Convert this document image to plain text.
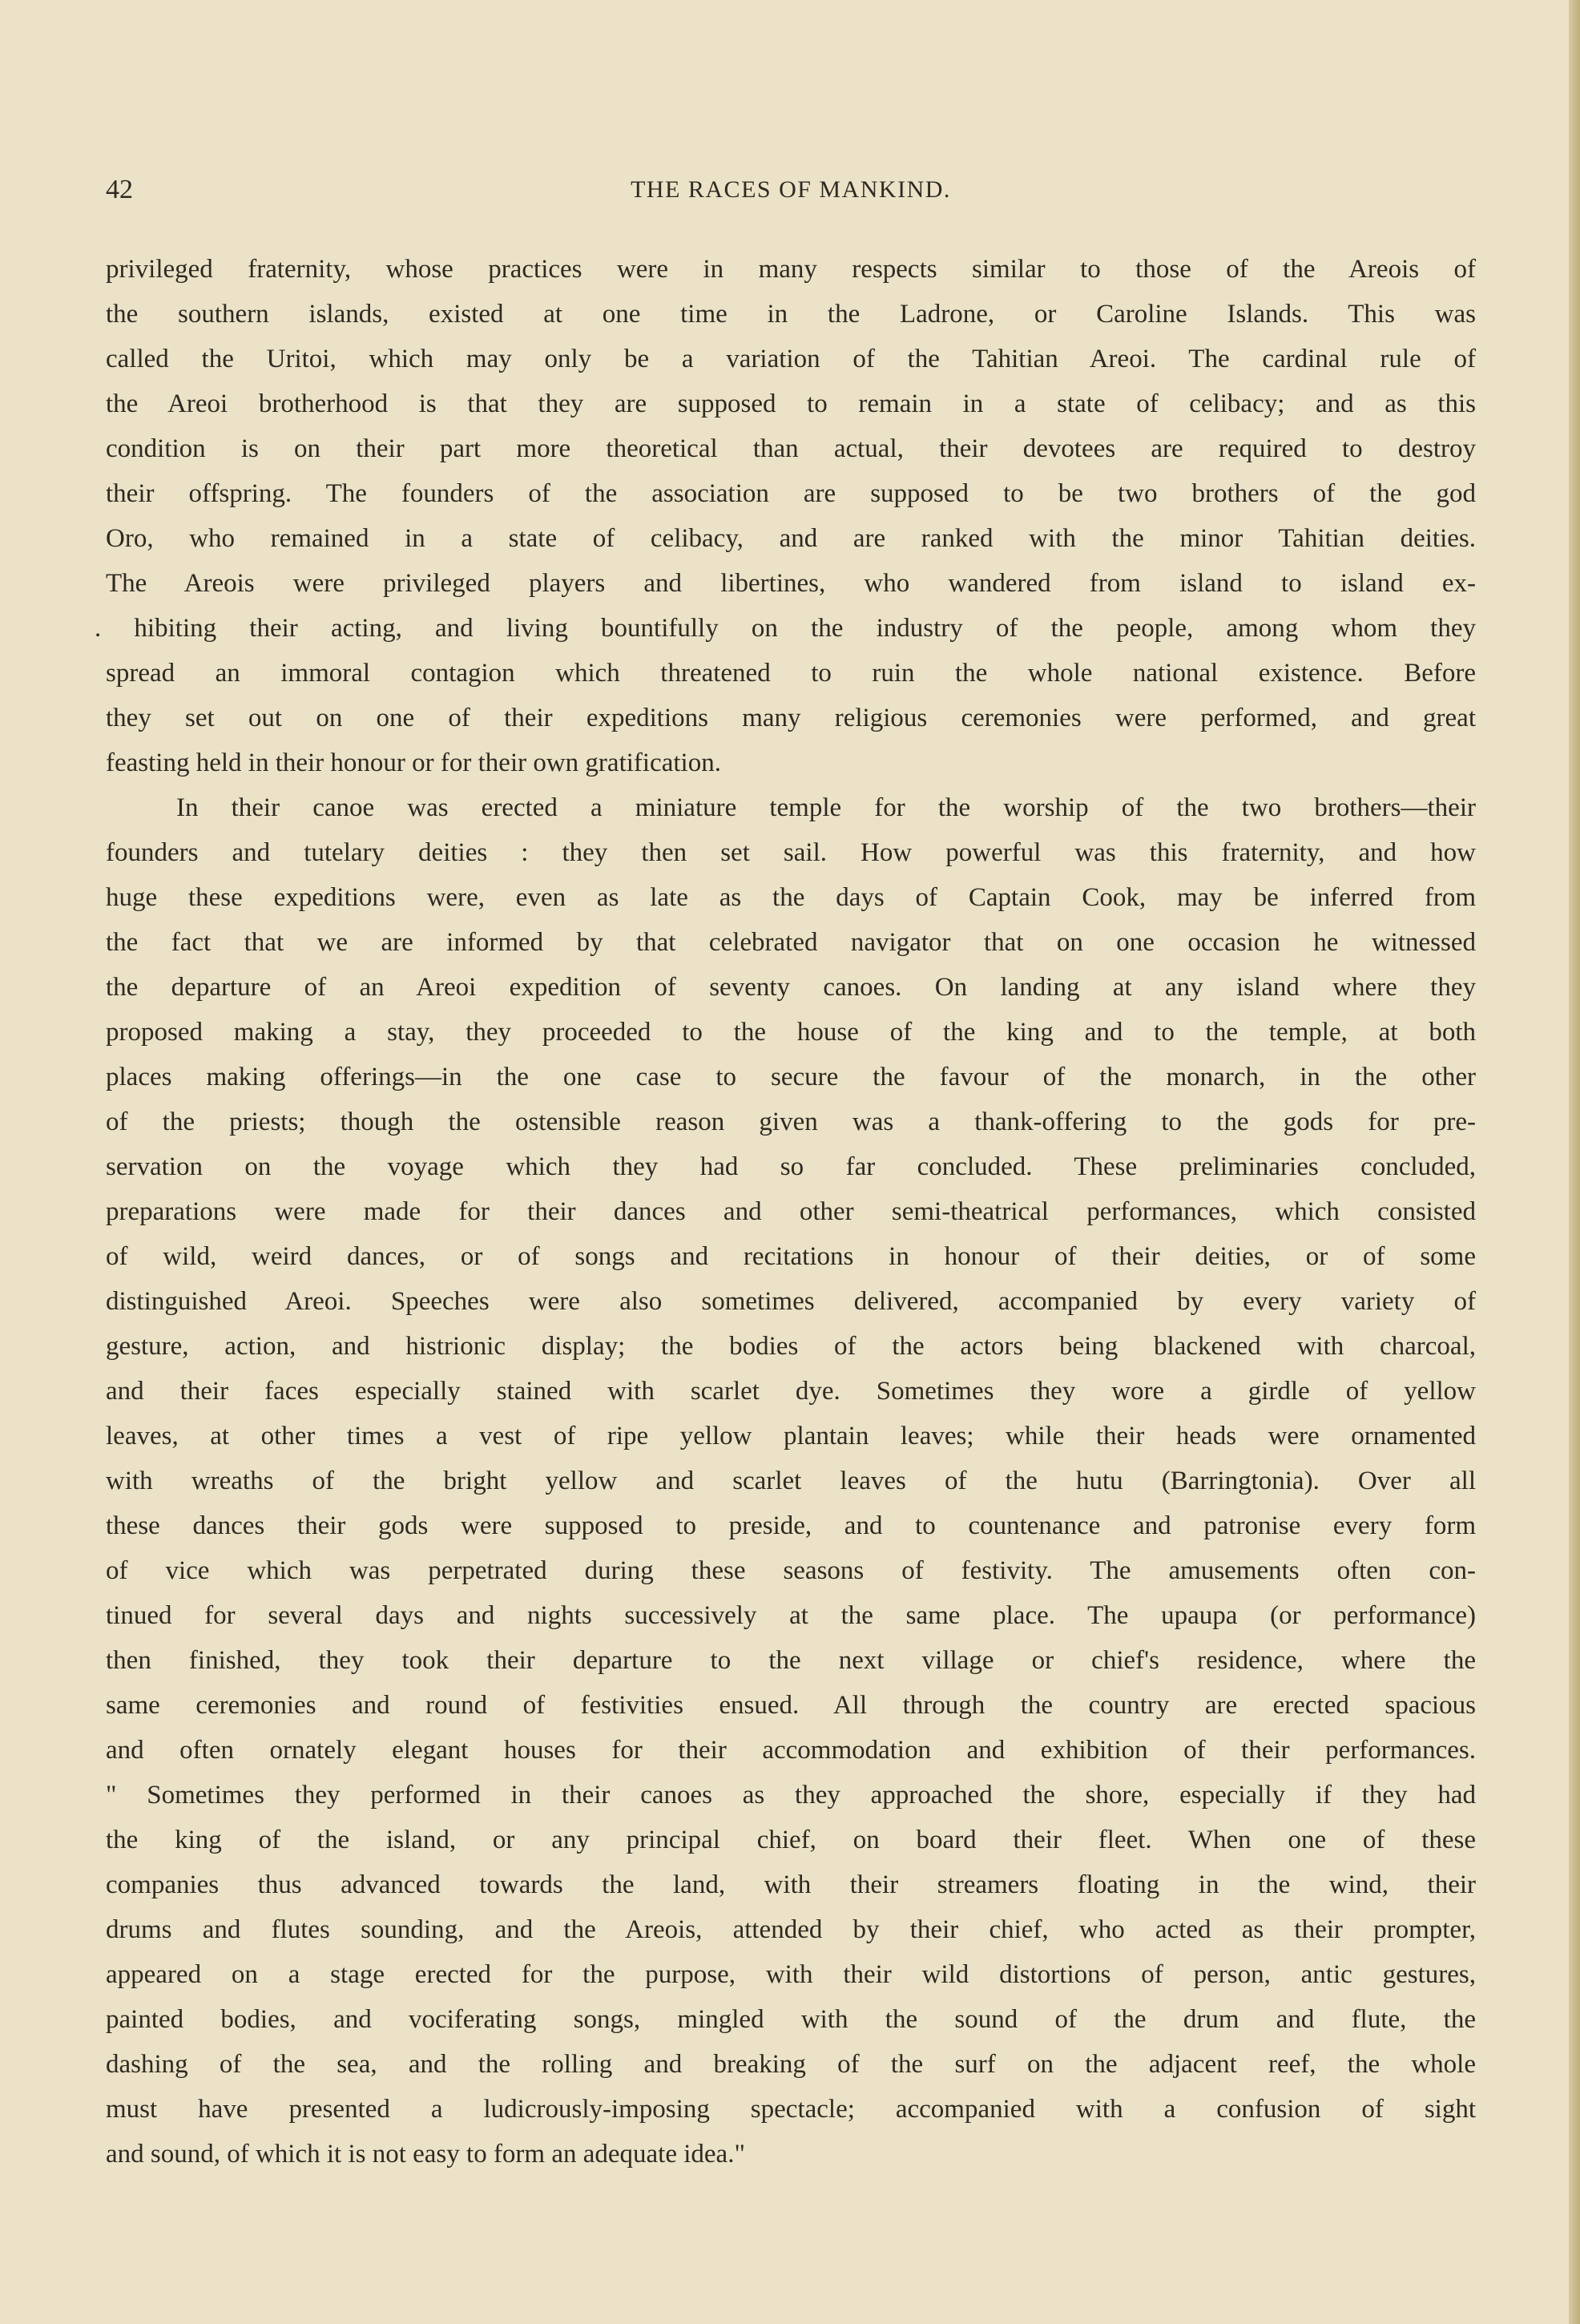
42	THE RACES OF MANKIND.
privileged fraternity, whose practices were in many respects similar to those of the Areois of
the southern islands, existed at one time in the Ladrone, or Caroline Islands. This was
called the Uritoi, which may only be a variation of the Tahitian Areoi. The cardinal rule of
the Areoi brotherhood is that they are supposed to remain in a state of celibacy; and as this
condition is on their part more theoretical than actual, their devotees are required to destroy
their offspring. The founders of the association are supposed to be two brothers of the god
Oro, who remained in a state of celibacy, and are ranked with the minor Tahitian deities.
The Areois were privileged players and libertines, who wandered from island to island ex-
. hibiting their acting, and living bountifully on the industry of the people, among whom they
spread an immoral contagion which threatened to ruin the whole national existence. Before
they set out on one of their expeditions many religious ceremonies were performed, and great
feasting held in their honour or for their own gratification.
In their canoe was erected a miniature temple for the worship of the two brothers—their
founders and tutelary deities : they then set sail. How powerful was this fraternity, and how
huge these expeditions were, even as late as the days of Captain Cook, may be inferred from
the fact that we are informed by that celebrated navigator that on one occasion he witnessed
the departure of an Areoi expedition of seventy canoes. On landing at any island where they
proposed making a stay, they proceeded to the house of the king and to the temple, at both
places making offerings—in the one case to secure the favour of the monarch, in the other
of the priests; though the ostensible reason given was a thank-offering to the gods for pre-
servation on the voyage which they had so far concluded. These preliminaries concluded,
preparations were made for their dances and other semi-theatrical performances, which consisted
of wild, weird dances, or of songs and recitations in honour of their deities, or of some
distinguished Areoi. Speeches were also sometimes delivered, accompanied by every variety of
gesture, action, and histrionic display; the bodies of the actors being blackened with charcoal,
and their faces especially stained with scarlet dye. Sometimes they wore a girdle of yellow
leaves, at other times a vest of ripe yellow plantain leaves; while their heads were ornamented
with wreaths of the bright yellow and scarlet leaves of the hutu (Barringtonia). Over all
these dances their gods were supposed to preside, and to countenance and patronise every form
of vice which was perpetrated during these seasons of festivity. The amusements often con-
tinued for several days and nights successively at the same place. The upaupa (or performance)
then finished, they took their departure to the next village or chief's residence, where the
same ceremonies and round of festivities ensued. All through the country are erected spacious
and often ornately elegant houses for their accommodation and exhibition of their performances.
" Sometimes they performed in their canoes as they approached the shore, especially if they had
the king of the island, or any principal chief, on board their fleet. When one of these
companies thus advanced towards the land, with their streamers floating in the wind, their
drums and flutes sounding, and the Areois, attended by their chief, who acted as their prompter,
appeared on a stage erected for the purpose, with their wild distortions of person, antic gestures,
painted bodies, and vociferating songs, mingled with the sound of the drum and flute, the
dashing of the sea, and the rolling and breaking of the surf on the adjacent reef, the whole
must have presented a ludicrously-imposing spectacle; accompanied with a confusion of sight
and sound, of which it is not easy to form an adequate idea."
